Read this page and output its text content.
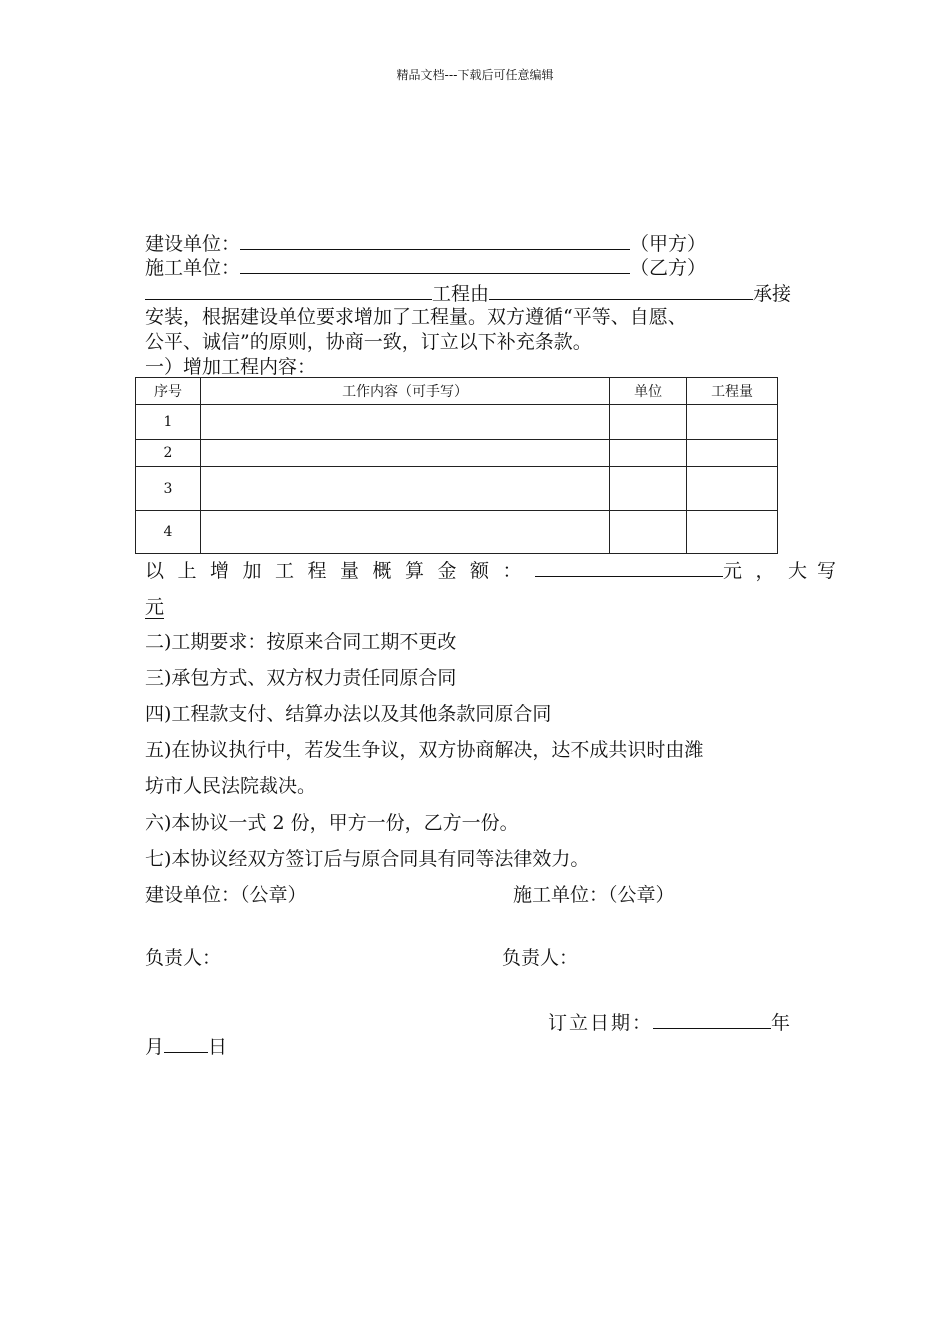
精品文档---下载后可任意编辑
建设单位：	（甲方）
施工单位：	（乙方）
工程由	承接
安装，根据建设单位要求增加了工程量。双方遵循“平等、自愿、
公平、诚信”的原则，协商一致，订立以下补充条款。
一）增加工程内容：
序号	工作内容（可手写）	单位	工程量
1			
2			
3			
4			
以上增加工程量概算金额：	元，大写
元
二)工期要求：按原来合同工期不更改
三)承包方式、双方权力责任同原合同
四)工程款支付、结算办法以及其他条款同原合同
五)在协议执行中，若发生争议，双方协商解决，达不成共识时由潍
坊市人民法院裁决。
六)本协议一式 2 份，甲方一份，乙方一份。
七)本协议经双方签订后与原合同具有同等法律效力。
建设单位：（公章）	施工单位：（公章）
负责人：	负责人：
订立日期：	年
月 日
